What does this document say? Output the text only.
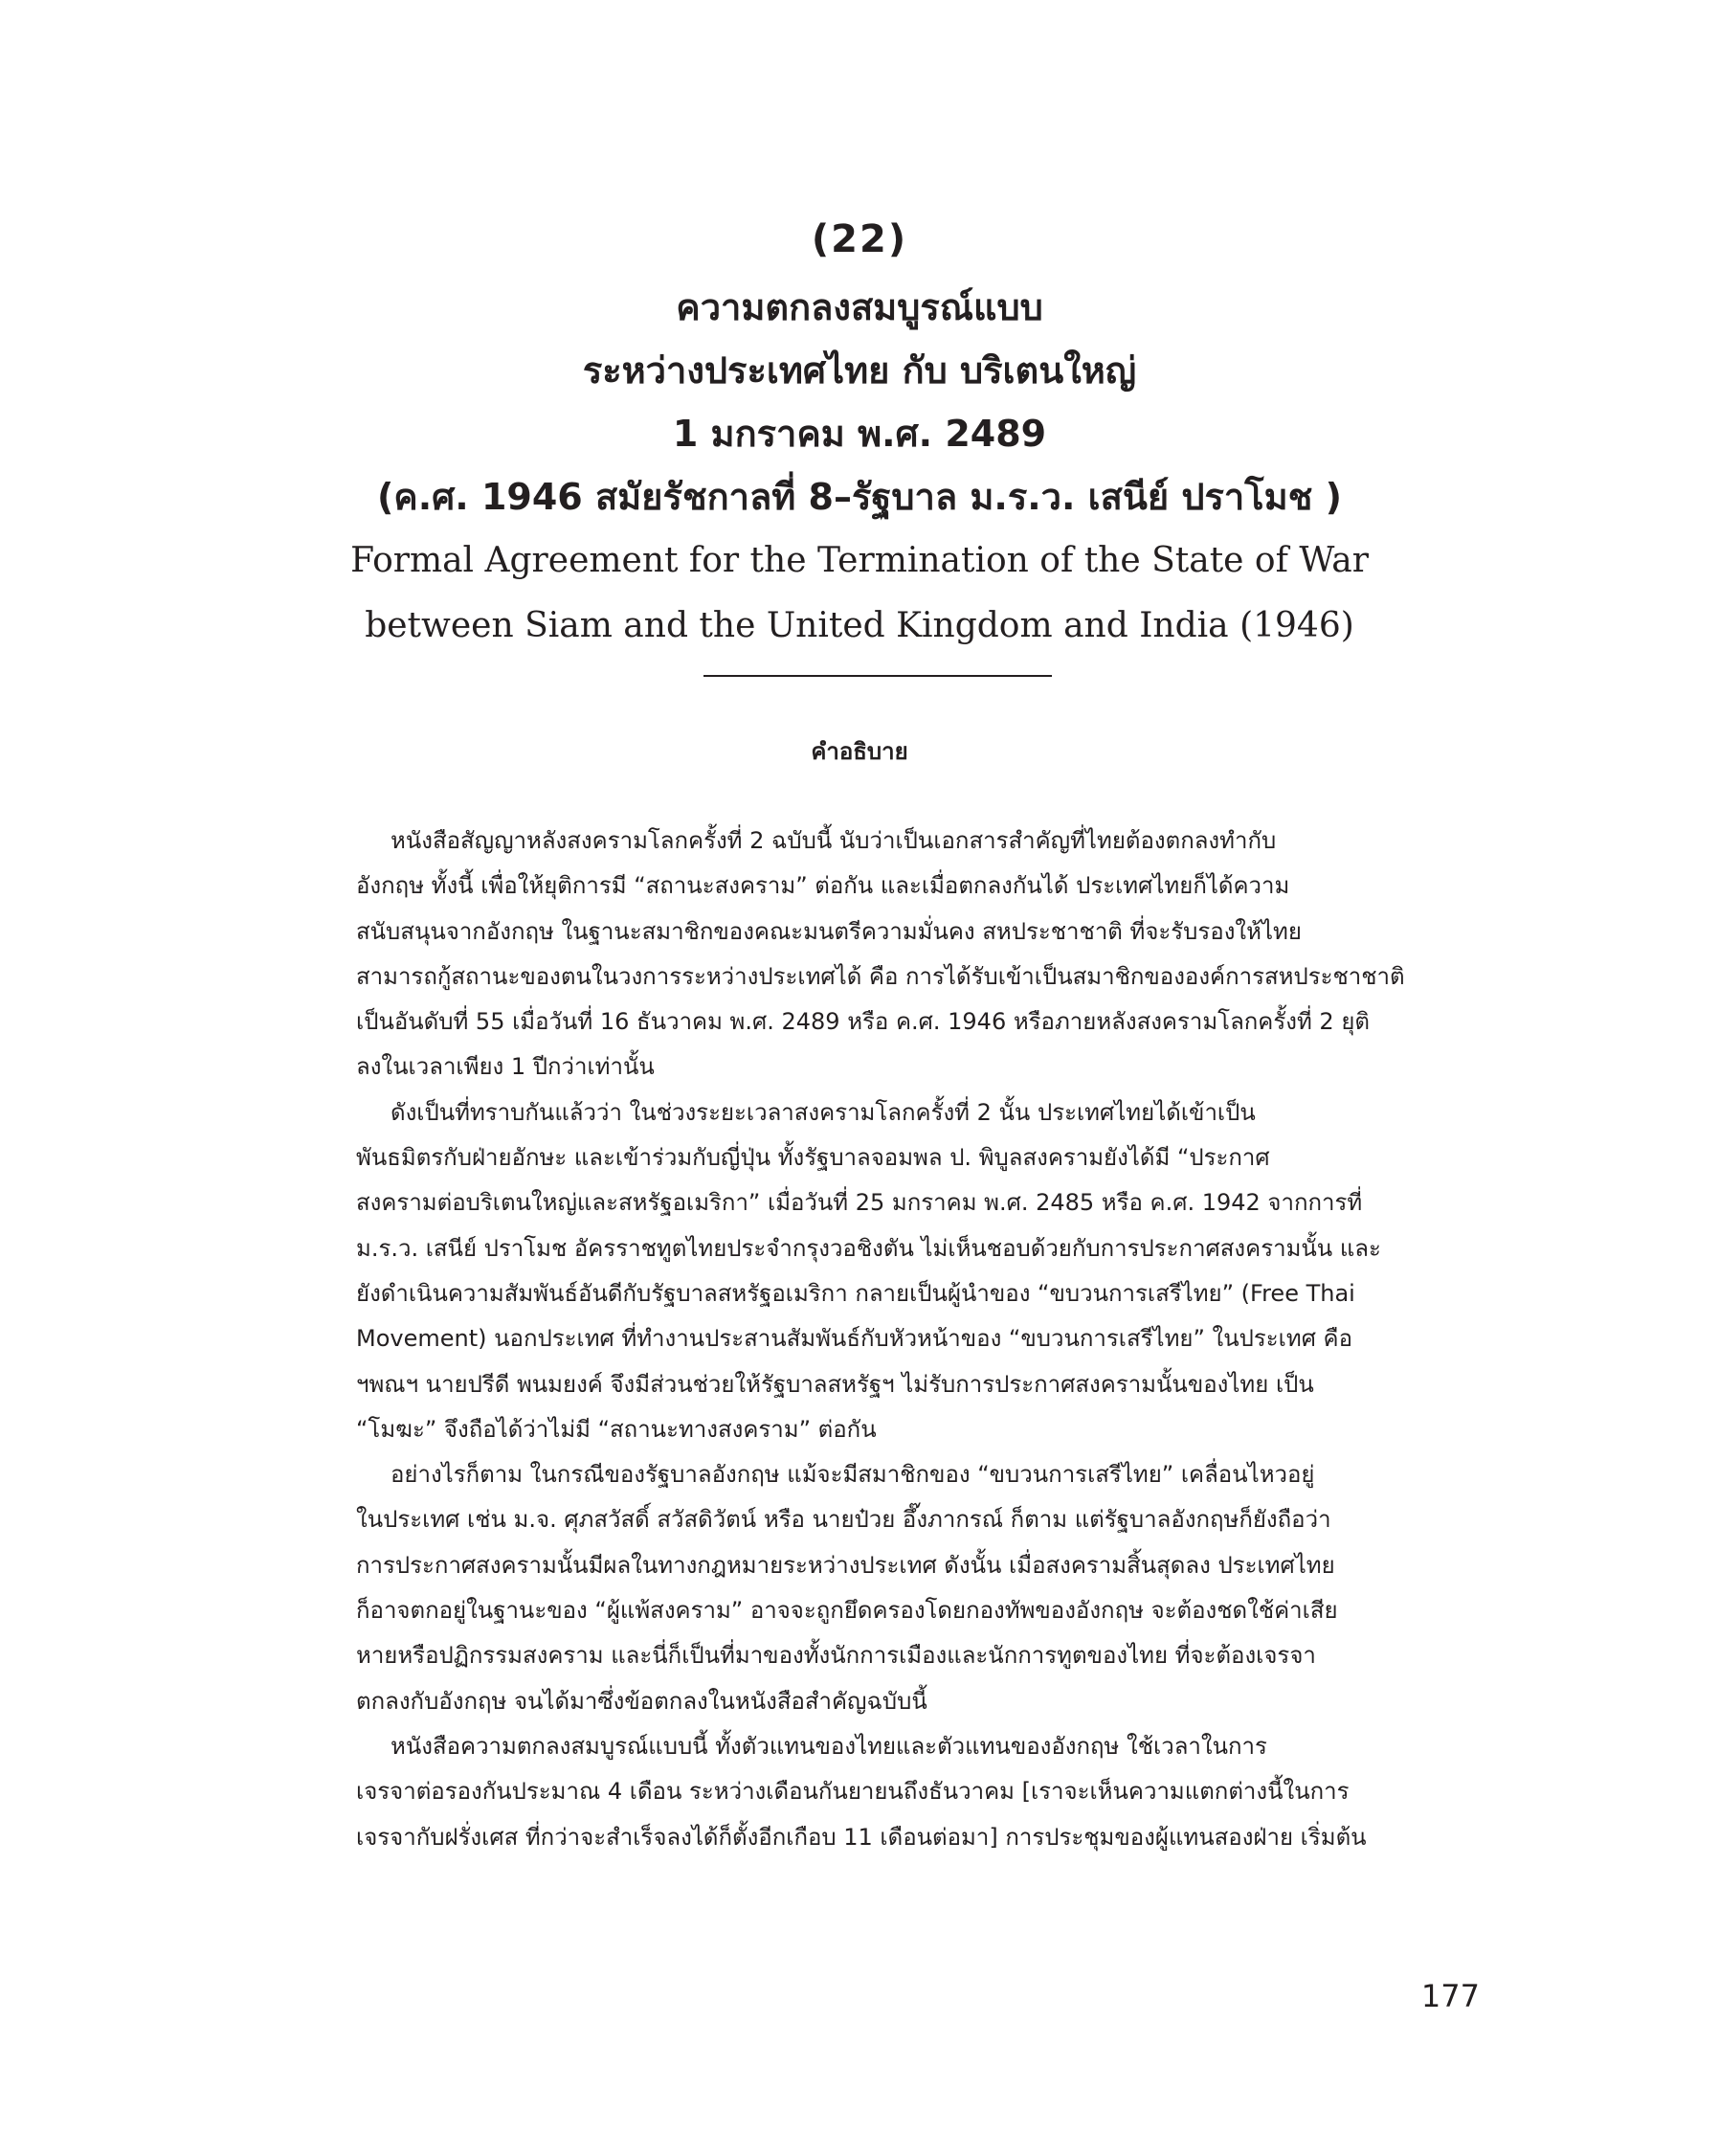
(22)
ความตกลงสมบูรณ์แบบ
ระหว่างประเทศไทย กับ บริเตนใหญ่
1 มกราคม พ.ศ. 2489
(ค.ศ. 1946 สมัยรัชกาลที่ 8–รัฐบาล ม.ร.ว. เสนีย์ ปราโมช )
Formal Agreement for the Termination of the State of War
between Siam and the United Kingdom and India (1946)
คำอธิบาย
หนังสือสัญญาหลังสงครามโลกครั้งที่ 2 ฉบับนี้ นับว่าเป็นเอกสารสำคัญที่ไทยต้องตกลงทำกับ
อังกฤษ ทั้งนี้ เพื่อให้ยุติการมี “สถานะสงคราม” ต่อกัน และเมื่อตกลงกันได้ ประเทศไทยก็ได้ความ
สนับสนุนจากอังกฤษ ในฐานะสมาชิกของคณะมนตรีความมั่นคง สหประชาชาติ ที่จะรับรองให้ไทย
สามารถกู้สถานะของตนในวงการระหว่างประเทศได้ คือ การได้รับเข้าเป็นสมาชิกขององค์การสหประชาชาติ
เป็นอันดับที่ 55 เมื่อวันที่ 16 ธันวาคม พ.ศ. 2489 หรือ ค.ศ. 1946 หรือภายหลังสงครามโลกครั้งที่ 2 ยุติ
ลงในเวลาเพียง 1 ปีกว่าเท่านั้น
ดังเป็นที่ทราบกันแล้วว่า ในช่วงระยะเวลาสงครามโลกครั้งที่ 2 นั้น ประเทศไทยได้เข้าเป็น
พันธมิตรกับฝ่ายอักษะ และเข้าร่วมกับญี่ปุ่น ทั้งรัฐบาลจอมพล ป. พิบูลสงครามยังได้มี “ประกาศ
สงครามต่อบริเตนใหญ่และสหรัฐอเมริกา” เมื่อวันที่ 25 มกราคม พ.ศ. 2485 หรือ ค.ศ. 1942 จากการที่
ม.ร.ว. เสนีย์ ปราโมช อัครราชทูตไทยประจำกรุงวอชิงตัน ไม่เห็นชอบด้วยกับการประกาศสงครามนั้น และ
ยังดำเนินความสัมพันธ์อันดีกับรัฐบาลสหรัฐอเมริกา กลายเป็นผู้นำของ “ขบวนการเสรีไทย” (Free Thai
Movement) นอกประเทศ ที่ทำงานประสานสัมพันธ์กับหัวหน้าของ “ขบวนการเสรีไทย” ในประเทศ คือ
ฯพณฯ นายปรีดี พนมยงค์ จึงมีส่วนช่วยให้รัฐบาลสหรัฐฯ ไม่รับการประกาศสงครามนั้นของไทย เป็น
“โมฆะ” จึงถือได้ว่าไม่มี “สถานะทางสงคราม” ต่อกัน
อย่างไรก็ตาม ในกรณีของรัฐบาลอังกฤษ แม้จะมีสมาชิกของ “ขบวนการเสรีไทย” เคลื่อนไหวอยู่
ในประเทศ เช่น ม.จ. ศุภสวัสดิ์ สวัสดิวัตน์ หรือ นายป๋วย อึ๊งภากรณ์ ก็ตาม แต่รัฐบาลอังกฤษก็ยังถือว่า
การประกาศสงครามนั้นมีผลในทางกฎหมายระหว่างประเทศ ดังนั้น เมื่อสงครามสิ้นสุดลง ประเทศไทย
ก็อาจตกอยู่ในฐานะของ “ผู้แพ้สงคราม” อาจจะถูกยึดครองโดยกองทัพของอังกฤษ จะต้องชดใช้ค่าเสีย
หายหรือปฏิกรรมสงคราม และนี่ก็เป็นที่มาของทั้งนักการเมืองและนักการทูตของไทย ที่จะต้องเจรจา
ตกลงกับอังกฤษ จนได้มาซึ่งข้อตกลงในหนังสือสำคัญฉบับนี้
หนังสือความตกลงสมบูรณ์แบบนี้ ทั้งตัวแทนของไทยและตัวแทนของอังกฤษ ใช้เวลาในการ
เจรจาต่อรองกันประมาณ 4 เดือน ระหว่างเดือนกันยายนถึงธันวาคม [เราจะเห็นความแตกต่างนี้ในการ
เจรจากับฝรั่งเศส ที่กว่าจะสำเร็จลงได้ก็ตั้งอีกเกือบ 11 เดือนต่อมา] การประชุมของผู้แทนสองฝ่าย เริ่มต้น
177
